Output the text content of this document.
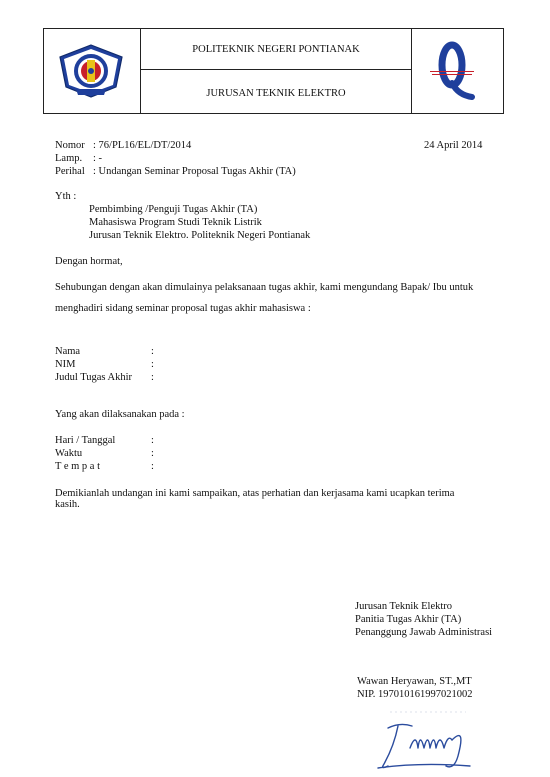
POLITEKNIK NEGERI PONTIANAK
JURUSAN TEKNIK ELEKTRO
Nomor : 76/PL16/EL/DT/2014	24 April 2014
Lamp. : -
Perihal : Undangan Seminar Proposal Tugas Akhir (TA)
Yth :
Pembimbing /Penguji Tugas Akhir (TA)
Mahasiswa Program Studi Teknik Listrik
Jurusan Teknik Elektro. Politeknik Negeri Pontianak
Dengan hormat,
Sehubungan dengan akan dimulainya pelaksanaan tugas akhir, kami mengundang Bapak/ Ibu untuk
menghadiri sidang seminar proposal tugas akhir mahasiswa :
Nama	:
NIM	:
Judul Tugas Akhir :
Yang akan dilaksanakan pada :
Hari / Tanggal	:
Waktu	:
T e m p a t	:
Demikianlah undangan ini kami sampaikan, atas perhatian dan kerjasama kami ucapkan terima
kasih.
Jurusan Teknik Elektro
Panitia Tugas Akhir (TA)
Penanggung Jawab Administrasi
Wawan Heryawan, ST.,MT
NIP. 197010161997021002
